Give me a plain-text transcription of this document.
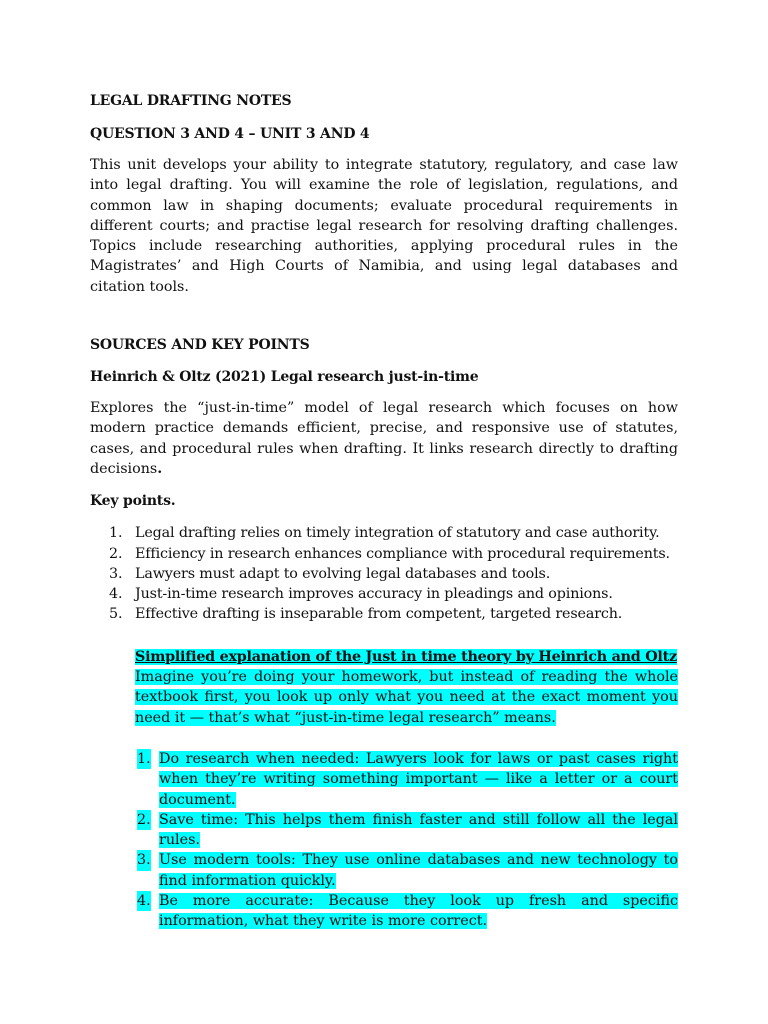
LEGAL DRAFTING NOTES

QUESTION 3 AND 4 – UNIT 3 AND 4

This unit develops your ability to integrate statutory, regulatory, and case law into legal drafting. You will examine the role of legislation, regulations, and common law in shaping documents; evaluate procedural requirements in different courts; and practise legal research for resolving drafting challenges. Topics include researching authorities, applying procedural rules in the Magistrates’ and High Courts of Namibia, and using legal databases and citation tools.

SOURCES AND KEY POINTS

Heinrich & Oltz (2021) Legal research just-in-time

Explores the “just-in-time” model of legal research which focuses on how modern practice demands efficient, precise, and responsive use of statutes, cases, and procedural rules when drafting. It links research directly to drafting decisions.

Key points.

1. Legal drafting relies on timely integration of statutory and case authority.
2. Efficiency in research enhances compliance with procedural requirements.
3. Lawyers must adapt to evolving legal databases and tools.
4. Just-in-time research improves accuracy in pleadings and opinions.
5. Effective drafting is inseparable from competent, targeted research.
Simplified explanation of the Just in time theory by Heinrich and Oltz

Imagine you’re doing your homework, but instead of reading the whole textbook first, you look up only what you need at the exact moment you need it — that’s what “just-in-time legal research” means.

1. Do research when needed: Lawyers look for laws or past cases right when they’re writing something important — like a letter or a court document.
2. Save time: This helps them finish faster and still follow all the legal rules.
3. Use modern tools: They use online databases and new technology to find information quickly.
4. Be more accurate: Because they look up fresh and specific information, what they write is more correct.
